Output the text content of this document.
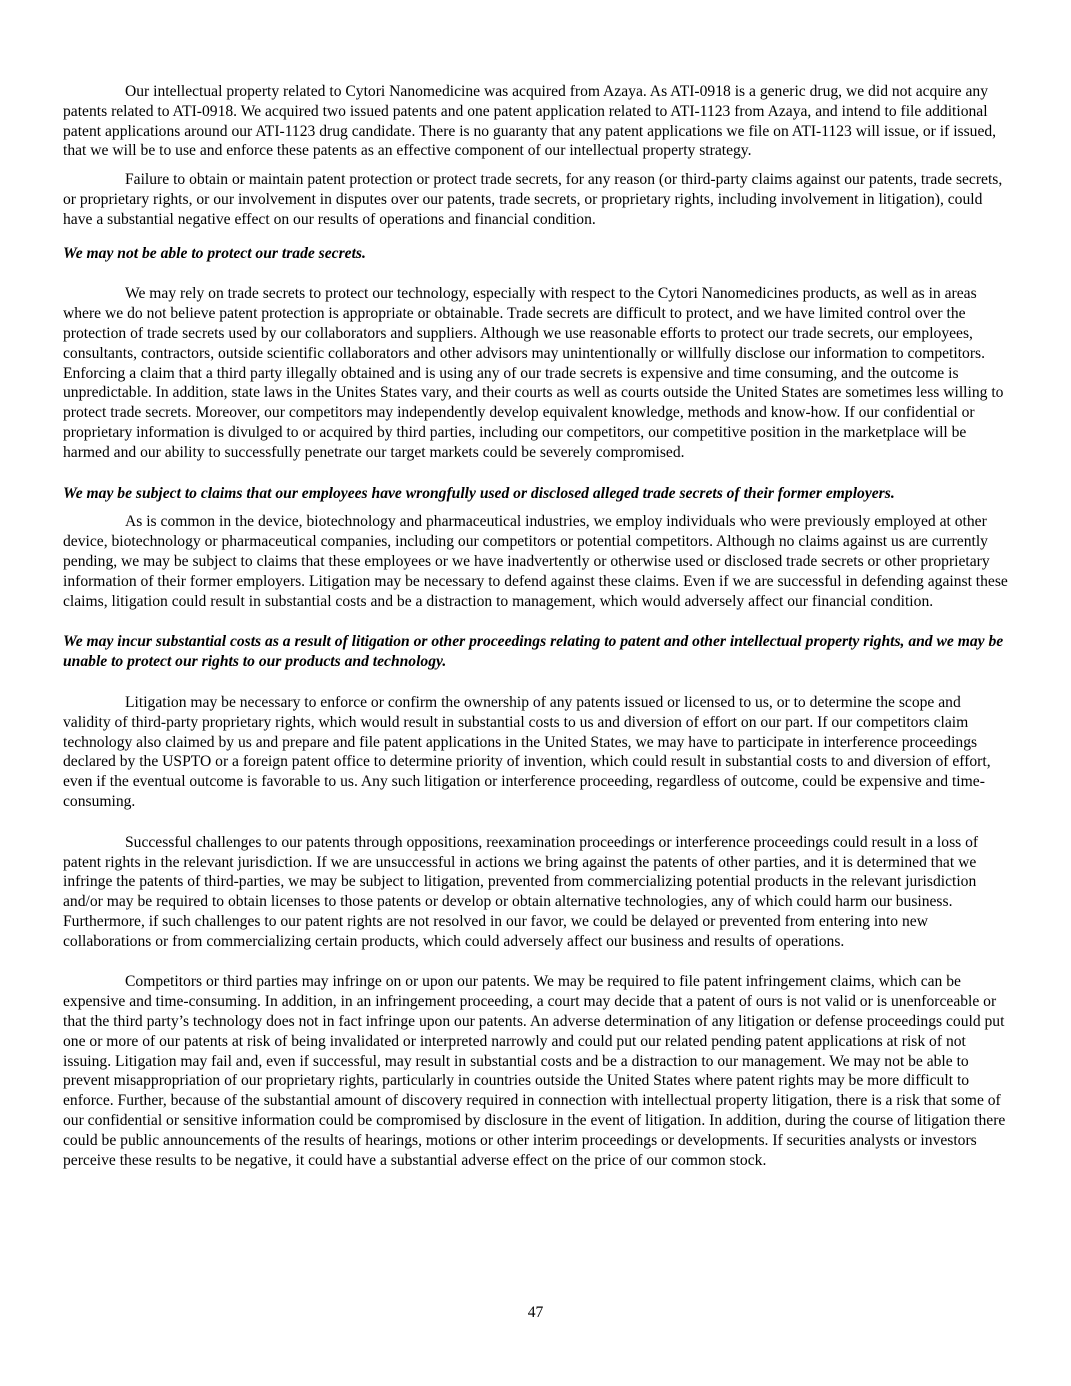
Our intellectual property related to Cytori Nanomedicine was acquired from Azaya. As ATI-0918 is a generic drug, we did not acquire any patents related to ATI-0918. We acquired two issued patents and one patent application related to ATI-1123 from Azaya, and intend to file additional patent applications around our ATI-1123 drug candidate. There is no guaranty that any patent applications we file on ATI-1123 will issue, or if issued, that we will be to use and enforce these patents as an effective component of our intellectual property strategy.

Failure to obtain or maintain patent protection or protect trade secrets, for any reason (or third-party claims against our patents, trade secrets, or proprietary rights, or our involvement in disputes over our patents, trade secrets, or proprietary rights, including involvement in litigation), could have a substantial negative effect on our results of operations and financial condition.

We may not be able to protect our trade secrets.

We may rely on trade secrets to protect our technology, especially with respect to the Cytori Nanomedicines products, as well as in areas where we do not believe patent protection is appropriate or obtainable. Trade secrets are difficult to protect, and we have limited control over the protection of trade secrets used by our collaborators and suppliers. Although we use reasonable efforts to protect our trade secrets, our employees, consultants, contractors, outside scientific collaborators and other advisors may unintentionally or willfully disclose our information to competitors. Enforcing a claim that a third party illegally obtained and is using any of our trade secrets is expensive and time consuming, and the outcome is unpredictable. In addition, state laws in the Unites States vary, and their courts as well as courts outside the United States are sometimes less willing to protect trade secrets. Moreover, our competitors may independently develop equivalent knowledge, methods and know-how. If our confidential or proprietary information is divulged to or acquired by third parties, including our competitors, our competitive position in the marketplace will be harmed and our ability to successfully penetrate our target markets could be severely compromised.

We may be subject to claims that our employees have wrongfully used or disclosed alleged trade secrets of their former employers.

As is common in the device, biotechnology and pharmaceutical industries, we employ individuals who were previously employed at other device, biotechnology or pharmaceutical companies, including our competitors or potential competitors. Although no claims against us are currently pending, we may be subject to claims that these employees or we have inadvertently or otherwise used or disclosed trade secrets or other proprietary information of their former employers. Litigation may be necessary to defend against these claims. Even if we are successful in defending against these claims, litigation could result in substantial costs and be a distraction to management, which would adversely affect our financial condition.

We may incur substantial costs as a result of litigation or other proceedings relating to patent and other intellectual property rights, and we may be unable to protect our rights to our products and technology.

Litigation may be necessary to enforce or confirm the ownership of any patents issued or licensed to us, or to determine the scope and validity of third-party proprietary rights, which would result in substantial costs to us and diversion of effort on our part. If our competitors claim technology also claimed by us and prepare and file patent applications in the United States, we may have to participate in interference proceedings declared by the USPTO or a foreign patent office to determine priority of invention, which could result in substantial costs to and diversion of effort, even if the eventual outcome is favorable to us. Any such litigation or interference proceeding, regardless of outcome, could be expensive and time-consuming.

Successful challenges to our patents through oppositions, reexamination proceedings or interference proceedings could result in a loss of patent rights in the relevant jurisdiction. If we are unsuccessful in actions we bring against the patents of other parties, and it is determined that we infringe the patents of third-parties, we may be subject to litigation, prevented from commercializing potential products in the relevant jurisdiction and/or may be required to obtain licenses to those patents or develop or obtain alternative technologies, any of which could harm our business. Furthermore, if such challenges to our patent rights are not resolved in our favor, we could be delayed or prevented from entering into new collaborations or from commercializing certain products, which could adversely affect our business and results of operations.

Competitors or third parties may infringe on or upon our patents. We may be required to file patent infringement claims, which can be expensive and time-consuming. In addition, in an infringement proceeding, a court may decide that a patent of ours is not valid or is unenforceable or that the third party’s technology does not in fact infringe upon our patents. An adverse determination of any litigation or defense proceedings could put one or more of our patents at risk of being invalidated or interpreted narrowly and could put our related pending patent applications at risk of not issuing. Litigation may fail and, even if successful, may result in substantial costs and be a distraction to our management. We may not be able to prevent misappropriation of our proprietary rights, particularly in countries outside the United States where patent rights may be more difficult to enforce. Further, because of the substantial amount of discovery required in connection with intellectual property litigation, there is a risk that some of our confidential or sensitive information could be compromised by disclosure in the event of litigation. In addition, during the course of litigation there could be public announcements of the results of hearings, motions or other interim proceedings or developments. If securities analysts or investors perceive these results to be negative, it could have a substantial adverse effect on the price of our common stock.

47
